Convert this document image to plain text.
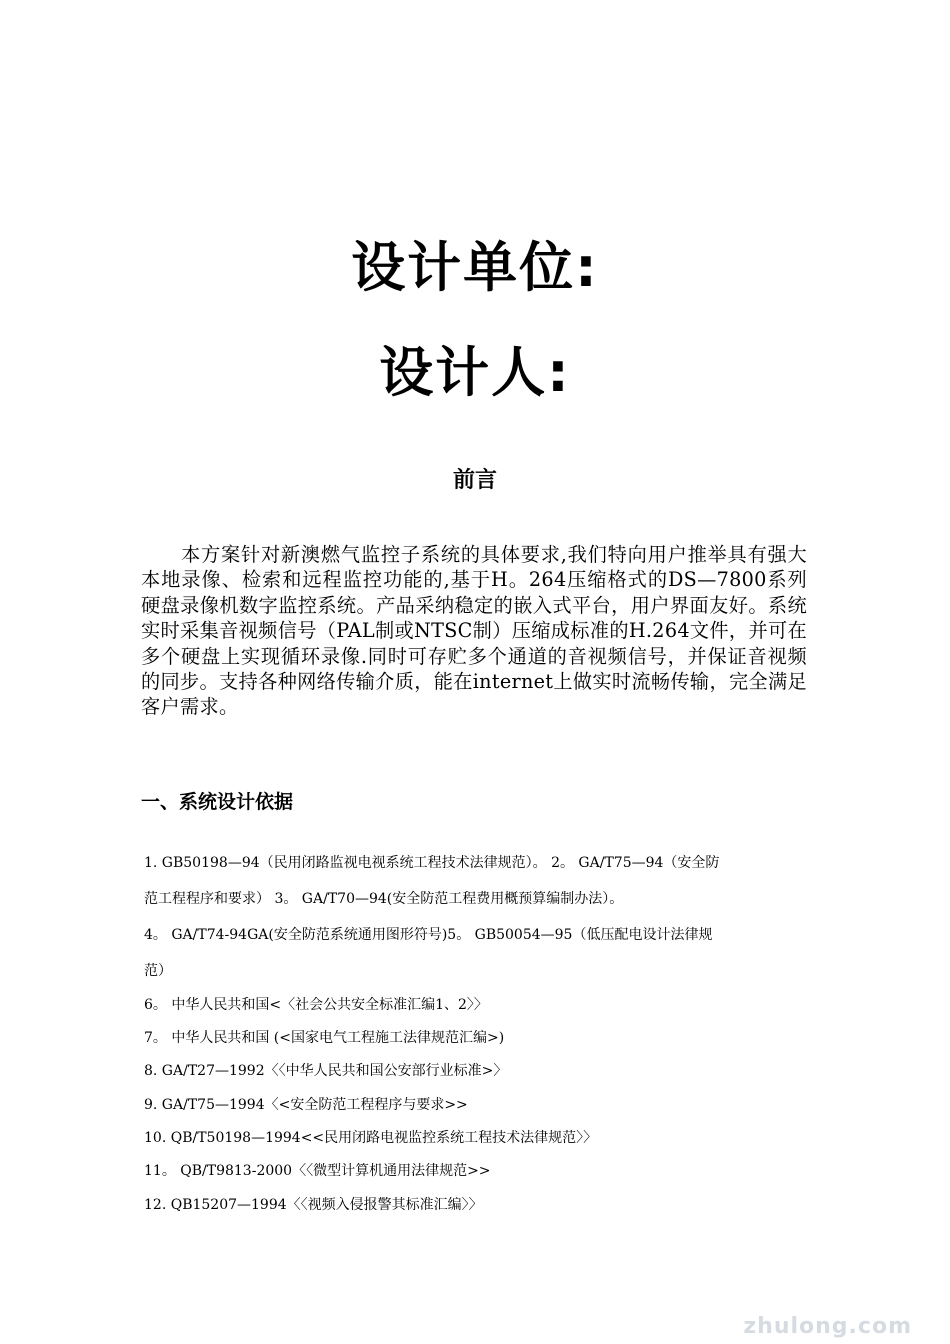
设计单位:
设计人:
前言
本方案针对新澳燃气监控子系统的具体要求,我们特向用户推举具有强大本地录像、检索和远程监控功能的,基于H。264压缩格式的DS—7800系列硬盘录像机数字监控系统。产品采纳稳定的嵌入式平台，用户界面友好。系统实时采集音视频信号（PAL制或NTSC制）压缩成标准的H.264文件，并可在多个硬盘上实现循环录像.同时可存贮多个通道的音视频信号，并保证音视频的同步。支持各种网络传输介质，能在internet上做实时流畅传输，完全满足客户需求。
一、系统设计依据
1. GB50198—94（民用闭路监视电视系统工程技术法律规范）。 2。 GA/T75—94（安全防
范工程程序和要求） 3。 GA/T70—94(安全防范工程费用概预算编制办法）。
4。 GA/T74-94GA(安全防范系统通用图形符号)5。 GB50054—95（低压配电设计法律规
范）
6。 中华人民共和国<〈社会公共安全标准汇编1、2〉〉
7。 中华人民共和国 (<国家电气工程施工法律规范汇编>)
8. GA/T27—1992〈〈中华人民共和国公安部行业标准>〉
9. GA/T75—1994〈<安全防范工程程序与要求>>
10. QB/T50198—1994<<民用闭路电视监控系统工程技术法律规范〉〉
11。 QB/T9813-2000〈〈微型计算机通用法律规范>>
12. QB15207—1994〈〈视频入侵报警其标准汇编〉〉
zhulong.com
